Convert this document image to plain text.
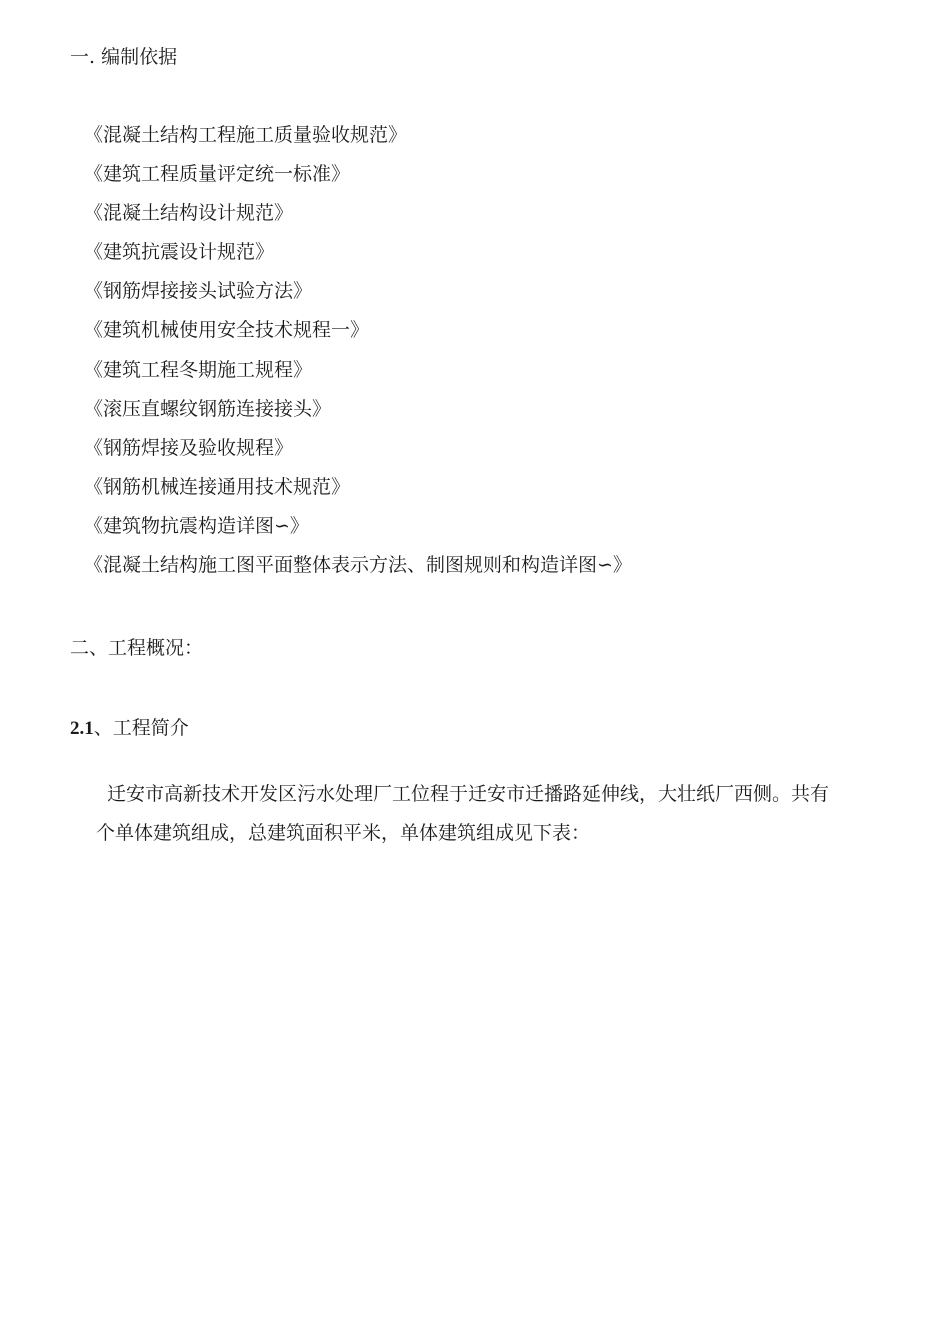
一. 编制依据
《混凝土结构工程施工质量验收规范》
《建筑工程质量评定统一标准》
《混凝土结构设计规范》
《建筑抗震设计规范》
《钢筋焊接接头试验方法》
《建筑机械使用安全技术规程一》
《建筑工程冬期施工规程》
《滚压直螺纹钢筋连接接头》
《钢筋焊接及验收规程》
《钢筋机械连接通用技术规范》
《建筑物抗震构造详图∽》
《混凝土结构施工图平面整体表示方法、制图规则和构造详图∽》
二、工程概况：
2.1、工程简介
迁安市高新技术开发区污水处理厂工位程于迁安市迁播路延伸线，大壮纸厂西侧。共有
个单体建筑组成，总建筑面积平米，单体建筑组成见下表：
